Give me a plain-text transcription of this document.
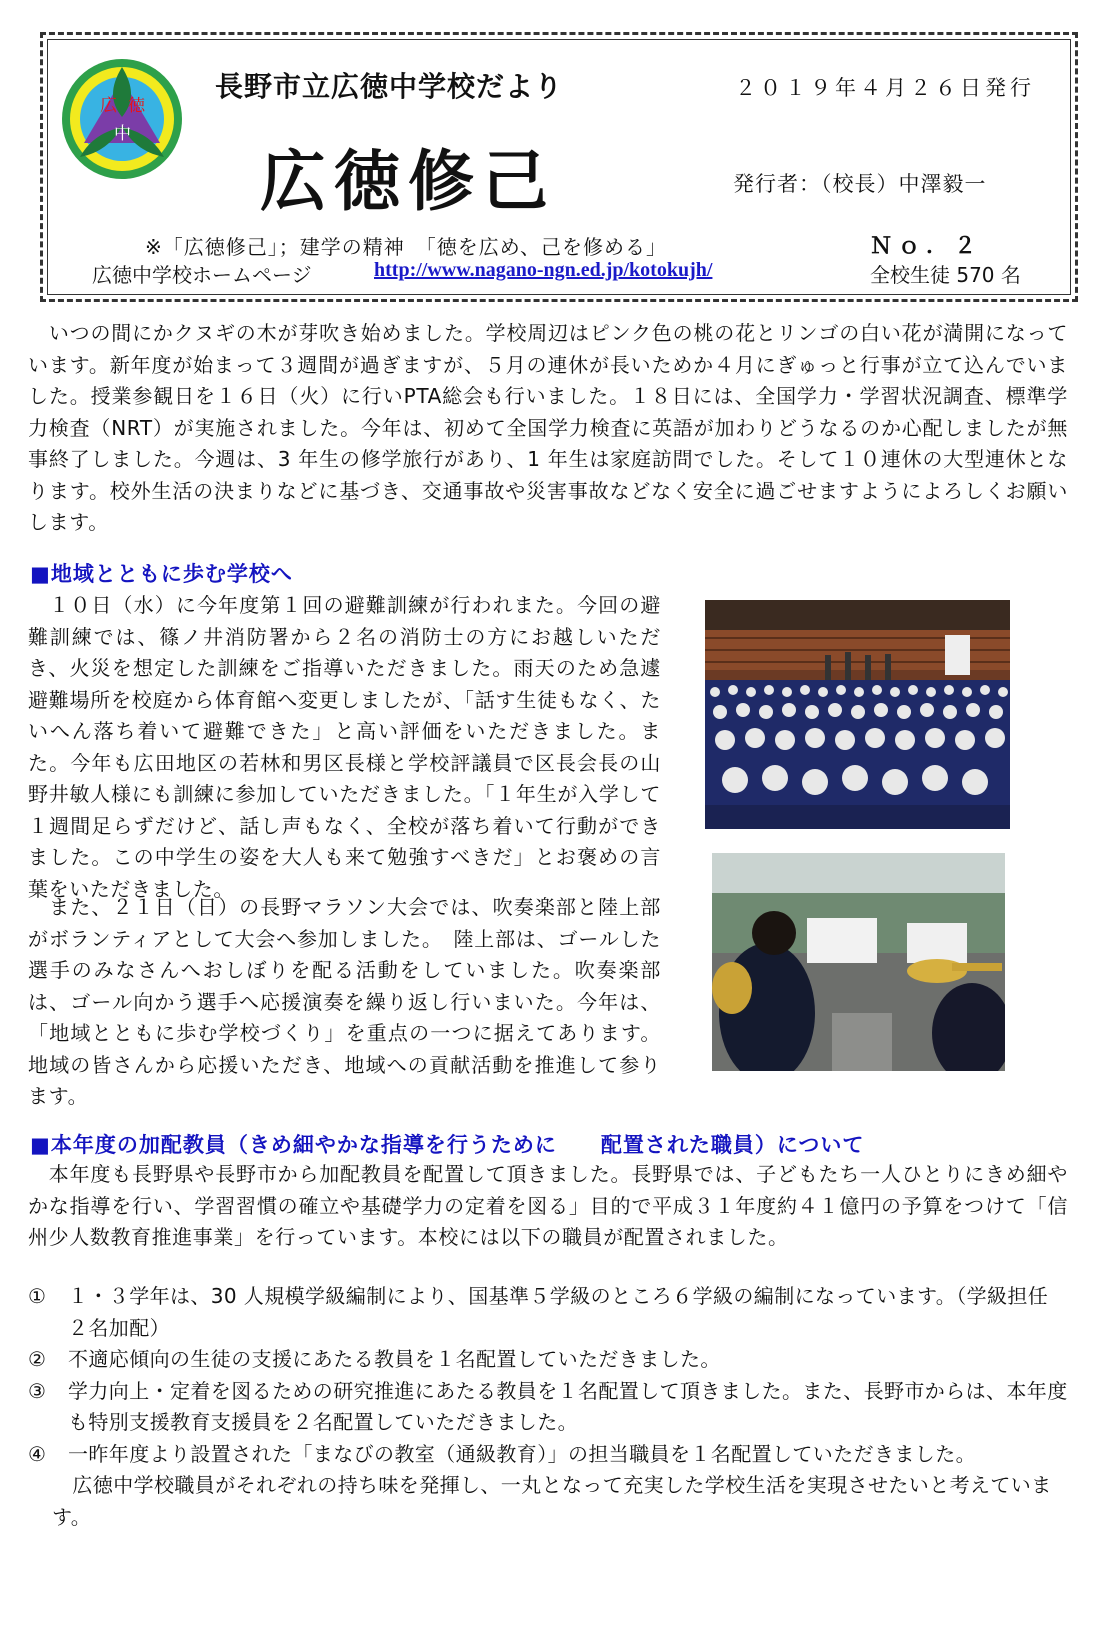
広 徳
中
長野市立広徳中学校だより	２０１９年４月２６日発行
広徳修己	発行者：（校長）中澤毅一
※「広徳修己」；建学の精神　「徳を広め、己を修める」	Ｎｏ．２
広徳中学校ホームページ	http://www.nagano-ngn.ed.jp/kotokujh/	全校生徒 570 名
　いつの間にかクヌギの木が芽吹き始めました。学校周辺はピンク色の桃の花とリンゴの白い花が満開になっています。新年度が始まって３週間が過ぎますが、５月の連休が長いためか４月にぎゅっと行事が立て込んでいました。授業参観日を１６日（火）に行いPTA総会も行いました。１８日には、全国学力・学習状況調査、標準学力検査（NRT）が実施されました。今年は、初めて全国学力検査に英語が加わりどうなるのか心配しましたが無事終了しました。今週は、3 年生の修学旅行があり、1 年生は家庭訪問でした。そして１０連休の大型連休となります。校外生活の決まりなどに基づき、交通事故や災害事故などなく安全に過ごせますようによろしくお願いします。
■地域とともに歩む学校へ
　１０日（水）に今年度第１回の避難訓練が行われまた。今回の避難訓練では、篠ノ井消防署から２名の消防士の方にお越しいただき、火災を想定した訓練をご指導いただきました。雨天のため急遽避難場所を校庭から体育館へ変更しましたが、「話す生徒もなく、たいへん落ち着いて避難できた」と高い評価をいただきました。また。今年も広田地区の若林和男区長様と学校評議員で区長会長の山野井敏人様にも訓練に参加していただきました。「１年生が入学して１週間足らずだけど、話し声もなく、全校が落ち着いて行動ができました。この中学生の姿を大人も来て勉強すべきだ」とお褒めの言葉をいただきました。
　また、２１日（日）の長野マラソン大会では、吹奏楽部と陸上部がボランティアとして大会へ参加しました。　陸上部は、ゴールした選手のみなさんへおしぼりを配る活動をしていました。吹奏楽部は、ゴール向かう選手へ応援演奏を繰り返し行いまいた。今年は、「地域とともに歩む学校づくり」を重点の一つに据えてあります。地域の皆さんから応援いただき、地域への貢献活動を推進して参ります。
■本年度の加配教員（きめ細やかな指導を行うために　　配置された職員）について
　本年度も長野県や長野市から加配教員を配置して頂きました。長野県では、子どもたち一人ひとりにきめ細やかな指導を行い、学習習慣の確立や基礎学力の定着を図る」目的で平成３１年度約４１億円の予算をつけて「信州少人数教育推進事業」を行っています。本校には以下の職員が配置されました。
① １・３学年は、30 人規模学級編制により、国基準５学級のところ６学級の編制になっています。（学級担任２名加配）
② 不適応傾向の生徒の支援にあたる教員を１名配置していただきました。
③ 学力向上・定着を図るための研究推進にあたる教員を１名配置して頂きました。また、長野市からは、本年度も特別支援教育支援員を２名配置していただきました。
④ 一昨年度より設置された「まなびの教室（通級教育）」の担当職員を１名配置していただきました。
　広徳中学校職員がそれぞれの持ち味を発揮し、一丸となって充実した学校生活を実現させたいと考えています。
